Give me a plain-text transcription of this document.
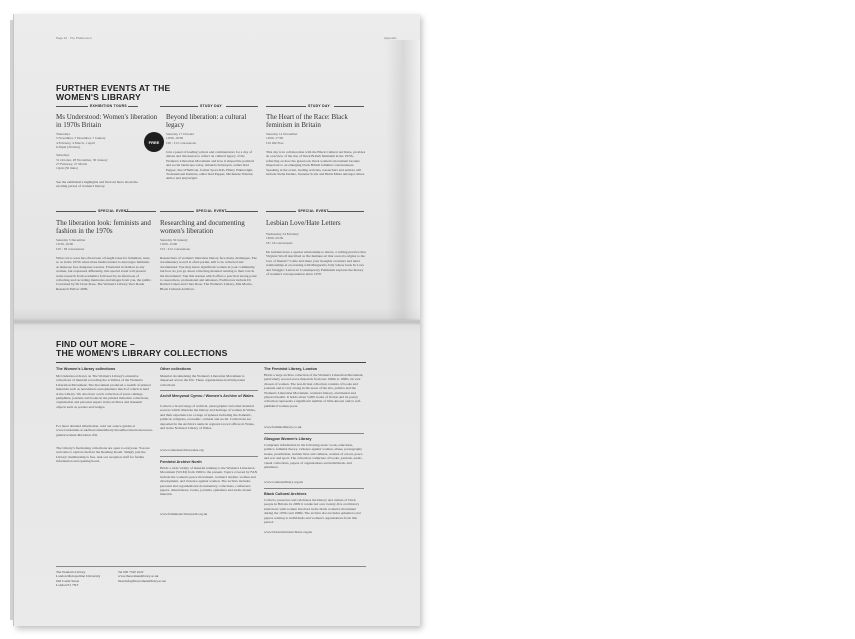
Page 10 · The Phalsmount	Appendix
FURTHER EVENTS AT THE
WOMEN'S LIBRARY
EXHIBITION TOURS	STUDY DAY	STUDY DAY
Ms Understood: Women's liberation in 1970s Britain
Thursdays
5 November, 3 December, 7 January
4 February, 4 March, 1 April
6.30pm (30 mins)

Saturdays
31 October, 28 November, 30 January
27 February, 27 March
12pm (30 mins)
See the exhibition's highlights and find out more about the exciting period of women's history.
FREE
Beyond liberation: a cultural legacy
Saturday 17 October
10:00–16:00
£20 / £15 concessions
Join a panel of leading writers and commentators for a day of debate and discussion to reflect on cultural legacy of the Women's Liberation Movement and how it shaped the political and social landscape today. Amanda Sebestyen, author Red Pepper, Sue O'Sullivan, former Spare Rib, Hilary Wainwright, Transnational Institute, editor Red Pepper, Michelene Wandor, author and playwright.
The Heart of the Race: Black feminism in Britain
Saturday 14 November
10:00–17:00
£10 OR Free
This day is in collaboration with the Black Cultural Archives, provides an overview of the rise of black British feminism in the 1970s, reflecting on how the grassroots black women's movement became important to an emerging black British feminist consciousness. Speaking at the event, leading activists, researchers and authors will include Stella Dadzie, Suzanne Scafe and Heidi Mirza amongst others.
SPECIAL EVENT	SPECIAL EVENT	SPECIAL EVENT
The liberation look: feminists and fashion in the 1970s
Saturday 5 December
10:30–16:00
£25 / £8 concessions
What cut to wear has often been a fraught issue for feminists; none so as in the 1970s when mass media tended to stereotype feminists as make-up free dungaree-wearers. Frustrated in fashion as any women, but expressed differently, this special event will present some research from academics followed by an afternoon of collecting and recording memories and images from you, the public. Convened by Dr Clare Rose, The Women's Library Vera Douie Research Fellow 2009.
Researching and documenting women's liberation
Saturday 30 January
10:00–15:00
£15 / £12 concessions
Researchers of women's liberation history face many challenges. The documentary record is often partial, still to be collected and documented. You may know significant women in your community, but how do you go about collecting material relating to their role in the movement? Join this session which offers a practical strong point to researchers, professional and amateurs. Facilitators include Dr Rachel Cohen and Clare Rose, The Women's Library, Mia Morris, Black Cultural Archives.
Lesbian Love/Hate Letters
Wednesday 24 February
18:00–20:30
£8 / £6 concessions
Do lesbians have a special relationship to letters, a writing practice that Virginia Woolf described as 'the humane art that owes its origins to the love of friends'? Come and share your thoughts on letters and letter relationships at an evening with Margaretta Jolly whose book In Love and Struggle: Letters in Contemporary Feminism explores the history of women's correspondence since 1970.
FIND OUT MORE –
THE WOMEN'S LIBRARY COLLECTIONS
The Women's Library collections
Ms Understood draws on The Women's Library's extensive collections of material recording the activities of the Women's Liberation Movement. The movement produced a wealth of printed materials such as newsletters and ephemera much of which is held at the Library. We also have a rich collection of press cuttings, pamphlets, journals and books in the printed materials collections, organisation and personal papers in the archives and museum objects such as posters and badges.
For more detailed information, read our source guides at www.londonmet.ac.uk/thewomenslibrary/aboutthecollections/source-guides/women-liberation.cfm
The Library's fascinating collections are open to everyone. You are welcome to explore them in the Reading Room. Simply join the Library: membership is free. Ask our reception staff for further information and opening hours.
Other collections
Material documenting the Women's Liberation Movement is dispersed across the UK. These organisations hold important collections
Archif Menywod Cymru / Women's Archive of Wales
Collects a broad range of archival, photographic and other material sources which illustrate the history and heritage of women in Wales, and their experience in a range of spheres including the domestic, political, religious, economic, cultural and social. Collections are deposited in the Archive's name in regional record offices in Wales, and in the National Library of Wales.
www.womensarchivewales.org
Feminist Archive North
Holds a wide variety of material relating to the Women's Liberation Movement (WLM) from 1969 to the present. Topics covered by FAN include the women's peace movement, women's studies, women and development, and violence against women. The archive includes personal and organisational documentary collections, conference papers, dissertations, books, journals, ephemera and audio-visual material.
www.feministarchivenorth.org.uk
The Feminist Library, London
Holds a large archive collection of the Women's Liberation Movement, particularly second-wave materials from late 1960s to 1990s. Its vast chosen of women. The non-fiction collection consists of books and journals and is very strong in the areas of the arts, politics and the Women's Liberation Movement, women's history, and mental and physical health. It holds about 5,000 works of fiction and its poetry collection represents a significant number of little-known and/or self-published woman poets.
www.feministlibrary.co.uk
Glasgow Women's Library
Comprises information in the following areas: work, education, politics, feminist theory, violence against women, abuse, pornography issues, prostitution, lesbian lives and cultures, women of colour, peace and war and sport. The collection comprises of books, journals, audio-visual collections, papers of organisations and individuals, and ephemera.
www.womenslibrary.org.uk
Black Cultural Archives
Collects, preserves and celebrates the history and culture of black people in Britain. In 2009 it conducted over twenty-five oral history interviews with women involved in the black women's movement during the 1970s and 1980s. The archive also includes ephemera and papers relating to individuals and women's organisations from this period.
www.blackculturalarchives.org.uk
The Women's Library
London Metropolitan University
Old Castle Street
London E1 7NT
Tel 020 7320 2222
www.thewomenslibrary.ac.uk
moreinfo@thewomenslibrary.ac.uk
